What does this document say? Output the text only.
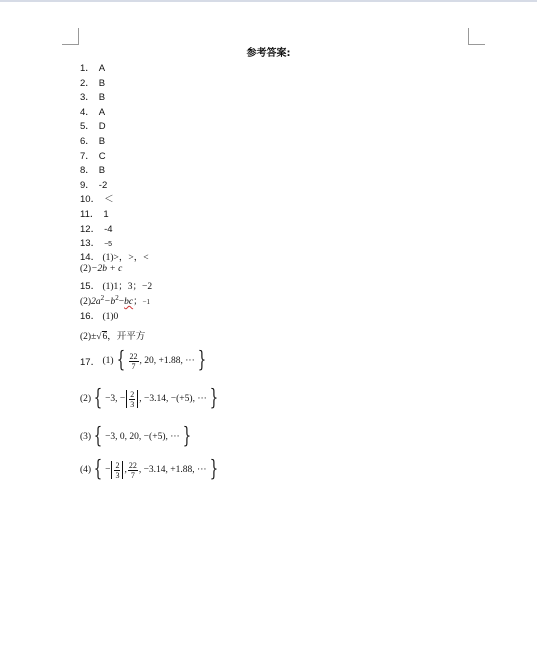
参考答案:
1． A
2． B
3． B
4． A
5． D
6． B
7． C
8． B
9． -2
10． ＜
11． 1
12． -4
13． −5
14． (1)>，>，<
(2)−2b + c
15． (1)1；3；−2
$(2)2a^2-b^2-bc$；−1
16． (1)0
(2)±√6，开平方
17． (1) { $\frac{22}{7}$ , 20, +1.88, ··· }
(2) { −3, − $\frac{2}{3}$ , −3.14, −(+5), ··· }
(3) { −3, 0, 20, −(+5), ··· }
(4) { − $\frac{2}{3}$ , $\frac{22}{7}$ , −3.14, +1.88, ··· }
